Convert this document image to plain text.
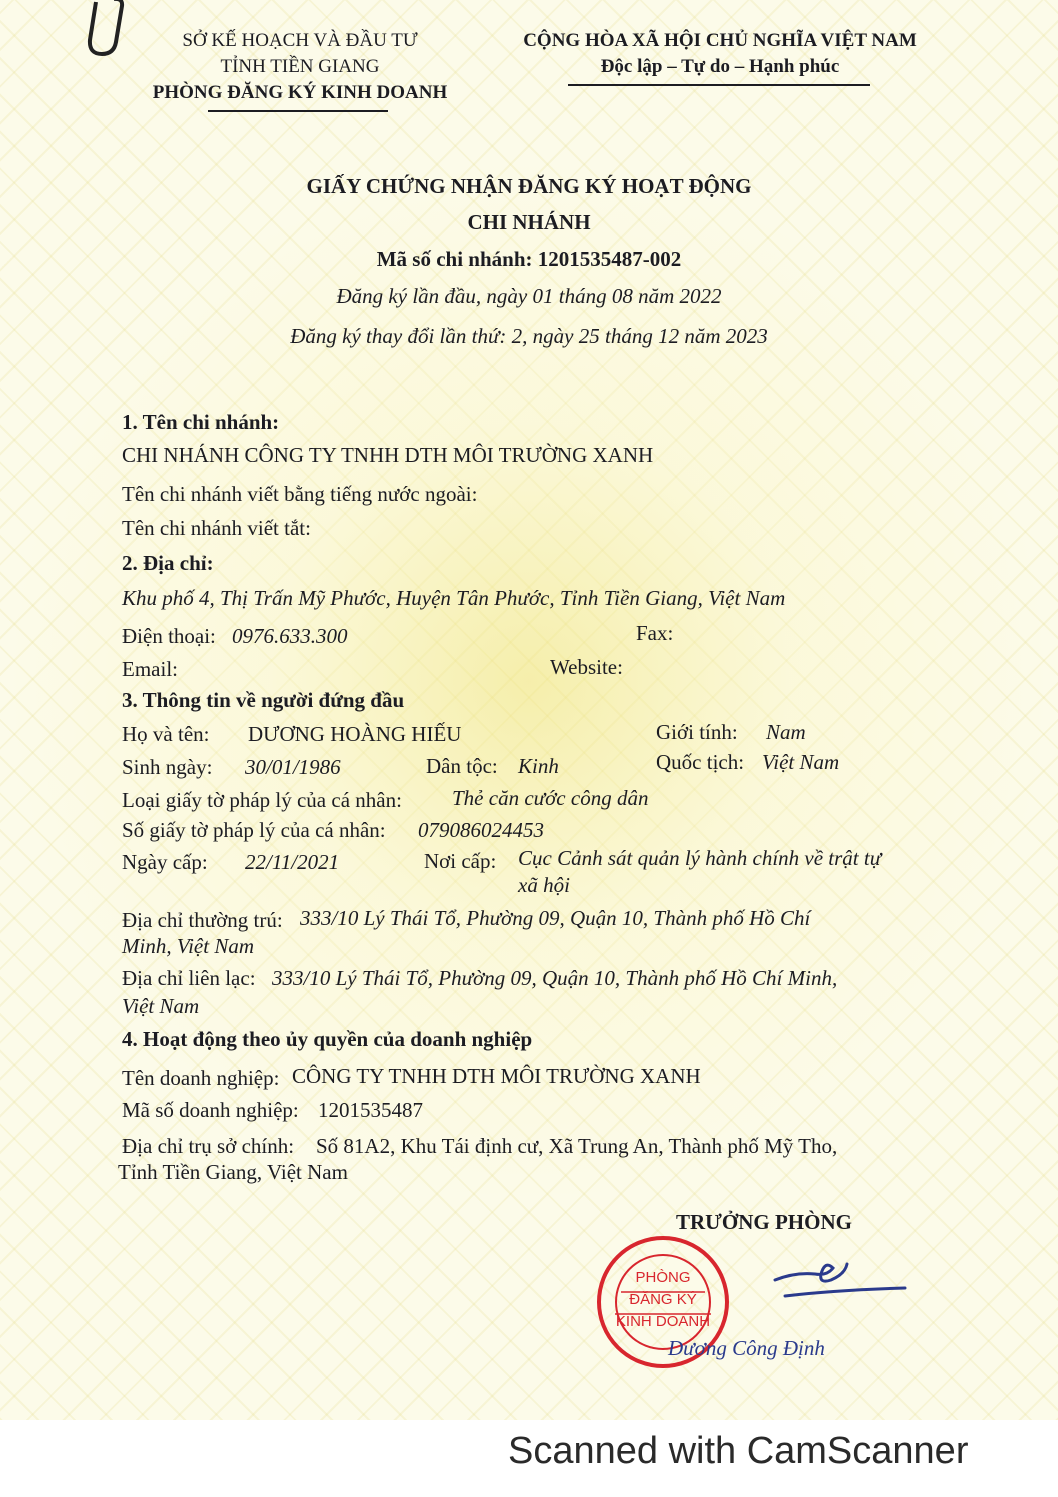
SỞ KẾ HOẠCH VÀ ĐẦU TƯ
TỈNH TIỀN GIANG
PHÒNG ĐĂNG KÝ KINH DOANH
CỘNG HÒA XÃ HỘI CHỦ NGHĨA VIỆT NAM
Độc lập – Tự do – Hạnh phúc
GIẤY CHỨNG NHẬN ĐĂNG KÝ HOẠT ĐỘNG
CHI NHÁNH
Mã số chi nhánh: 1201535487-002
Đăng ký lần đầu, ngày 01 tháng 08 năm 2022
Đăng ký thay đổi lần thứ: 2, ngày 25 tháng 12 năm 2023
1. Tên chi nhánh:
CHI NHÁNH CÔNG TY TNHH DTH MÔI TRƯỜNG XANH
Tên chi nhánh viết bằng tiếng nước ngoài:
Tên chi nhánh viết tắt:
2. Địa chỉ:
Khu phố 4, Thị Trấn Mỹ Phước, Huyện Tân Phước, Tỉnh Tiền Giang, Việt Nam
Điện thoại: 0976.633.300	Fax:
Email:	Website:
3. Thông tin về người đứng đầu
Họ và tên: DƯƠNG HOÀNG HIẾU	Giới tính: Nam
Sinh ngày: 30/01/1986	Dân tộc: Kinh	Quốc tịch: Việt Nam
Loại giấy tờ pháp lý của cá nhân: Thẻ căn cước công dân
Số giấy tờ pháp lý của cá nhân: 079086024453
Ngày cấp: 22/11/2021	Nơi cấp: Cục Cảnh sát quản lý hành chính về trật tự
xã hội
Địa chỉ thường trú: 333/10 Lý Thái Tổ, Phường 09, Quận 10, Thành phố Hồ Chí
Minh, Việt Nam
Địa chỉ liên lạc: 333/10 Lý Thái Tổ, Phường 09, Quận 10, Thành phố Hồ Chí Minh,
Việt Nam
4. Hoạt động theo ủy quyền của doanh nghiệp
Tên doanh nghiệp: CÔNG TY TNHH DTH MÔI TRƯỜNG XANH
Mã số doanh nghiệp: 1201535487
Địa chỉ trụ sở chính: Số 81A2, Khu Tái định cư, Xã Trung An, Thành phố Mỹ Tho,
Tỉnh Tiền Giang, Việt Nam
TRƯỞNG PHÒNG
PHÒNG
ĐĂNG KÝ
KINH DOANH
Dương Công Định
Scanned with CamScanner
